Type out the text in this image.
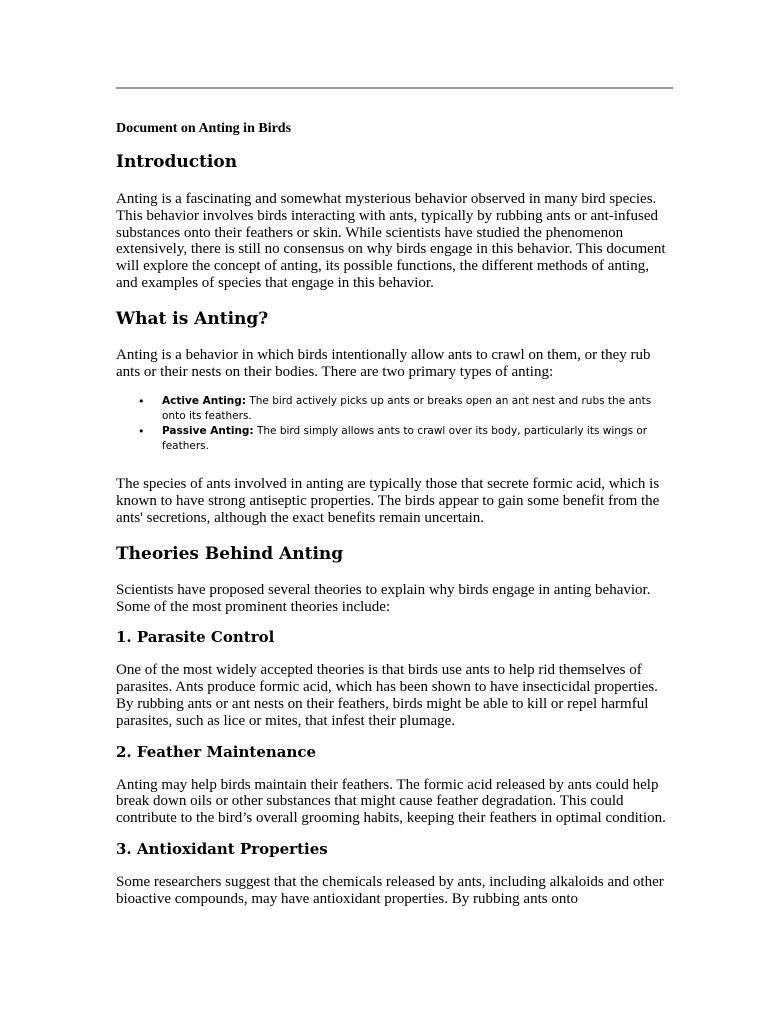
Document on Anting in Birds
Introduction

Anting is a fascinating and somewhat mysterious behavior observed in many bird species. This behavior involves birds interacting with ants, typically by rubbing ants or ant-infused substances onto their feathers or skin. While scientists have studied the phenomenon extensively, there is still no consensus on why birds engage in this behavior. This document will explore the concept of anting, its possible functions, the different methods of anting, and examples of species that engage in this behavior.

What is Anting?

Anting is a behavior in which birds intentionally allow ants to crawl on them, or they rub ants or their nests on their bodies. There are two primary types of anting:

• Active Anting: The bird actively picks up ants or breaks open an ant nest and rubs the ants onto its feathers.
• Passive Anting: The bird simply allows ants to crawl over its body, particularly its wings or feathers.

The species of ants involved in anting are typically those that secrete formic acid, which is known to have strong antiseptic properties. The birds appear to gain some benefit from the ants' secretions, although the exact benefits remain uncertain.

Theories Behind Anting

Scientists have proposed several theories to explain why birds engage in anting behavior. Some of the most prominent theories include:

1. Parasite Control

One of the most widely accepted theories is that birds use ants to help rid themselves of parasites. Ants produce formic acid, which has been shown to have insecticidal properties. By rubbing ants or ant nests on their feathers, birds might be able to kill or repel harmful parasites, such as lice or mites, that infest their plumage.

2. Feather Maintenance

Anting may help birds maintain their feathers. The formic acid released by ants could help break down oils or other substances that might cause feather degradation. This could contribute to the bird’s overall grooming habits, keeping their feathers in optimal condition.

3. Antioxidant Properties

Some researchers suggest that the chemicals released by ants, including alkaloids and other bioactive compounds, may have antioxidant properties. By rubbing ants onto
